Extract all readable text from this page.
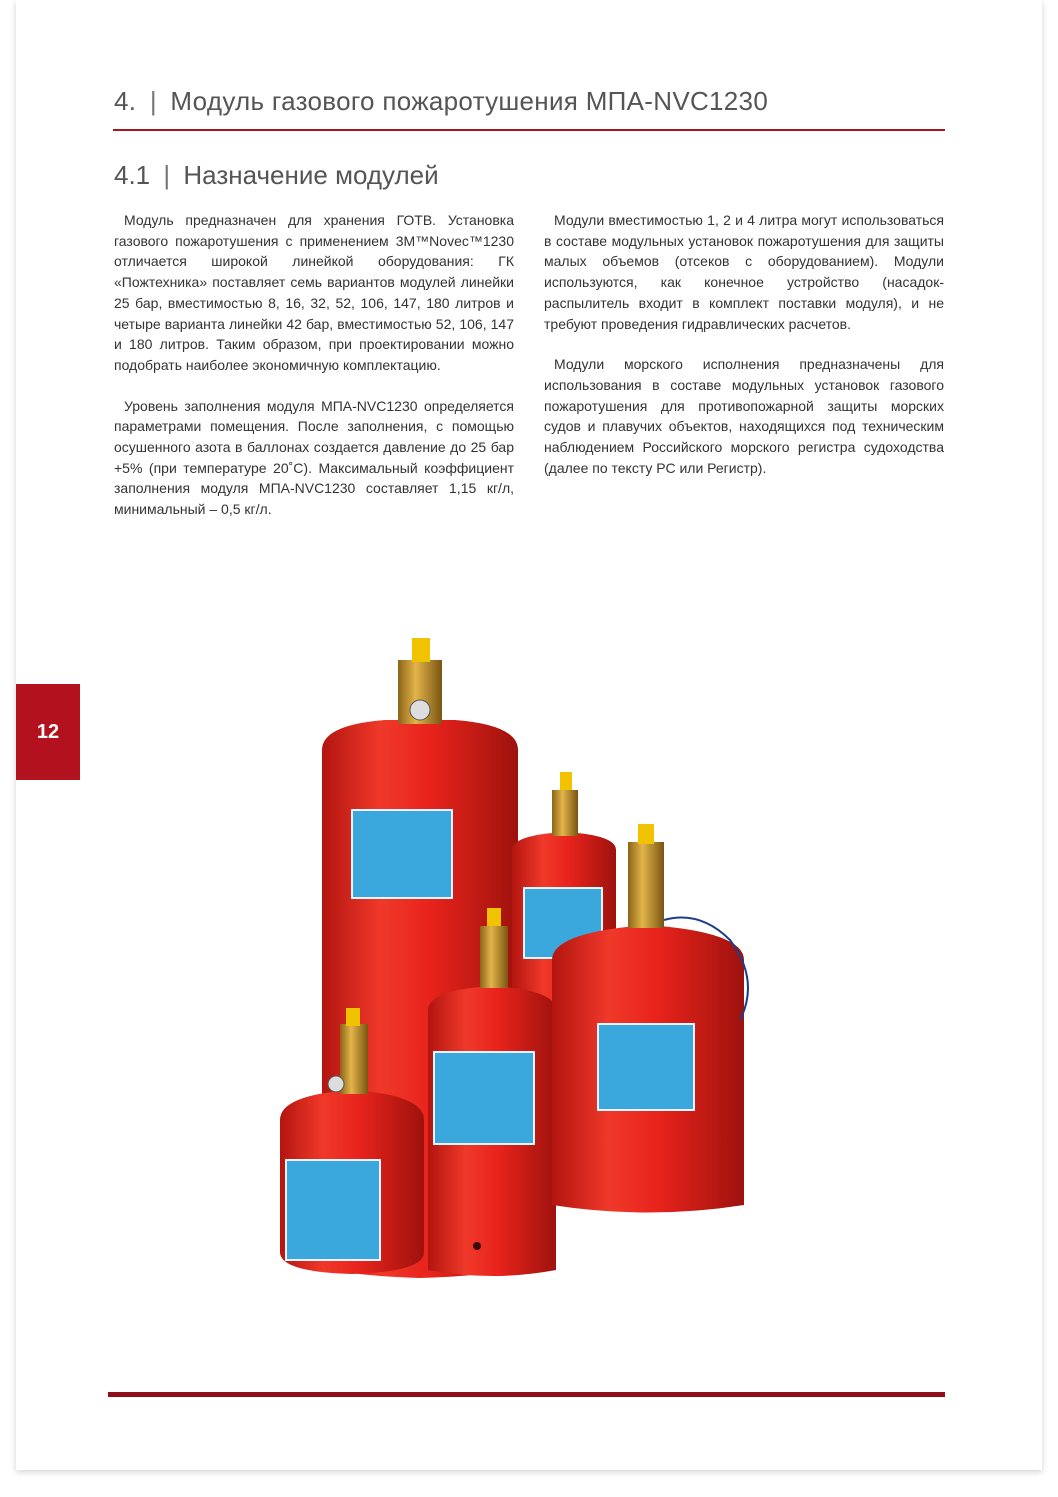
4. | Модуль газового пожаротушения МПА-NVC1230
4.1 | Назначение модулей

Модуль предназначен для хранения ГОТВ. Установка газового пожаротушения с применением 3М™Novec™1230 отличается широкой линейкой оборудования: ГК «Пожтехника» поставляет семь вариантов модулей линейки 25 бар, вместимостью 8, 16, 32, 52, 106, 147, 180 литров и четыре варианта линейки 42 бар, вместимостью 52, 106, 147 и 180 литров. Таким образом, при проектировании можно подобрать наиболее экономичную комплектацию.

Уровень заполнения модуля МПА-NVC1230 определяется параметрами помещения. После заполнения, с помощью осушенного азота в баллонах создается давление до 25 бар +5% (при температуре 20˚С). Максимальный коэффициент заполнения модуля МПА-NVC1230 составляет 1,15 кг/л, минимальный – 0,5 кг/л.

Модули вместимостью 1, 2 и 4 литра могут использоваться в составе модульных установок пожаротушения для защиты малых объемов (отсеков с оборудованием). Модули используются, как конечное устройство (насадок-распылитель входит в комплект поставки модуля), и не требуют проведения гидравлических расчетов.

Модули морского исполнения предназначены для использования в составе модульных установок газового пожаротушения для противопожарной защиты морских судов и плавучих объектов, находящихся под техническим наблюдением Российского морского регистра судоходства (далее по тексту РС или Регистр).

12
